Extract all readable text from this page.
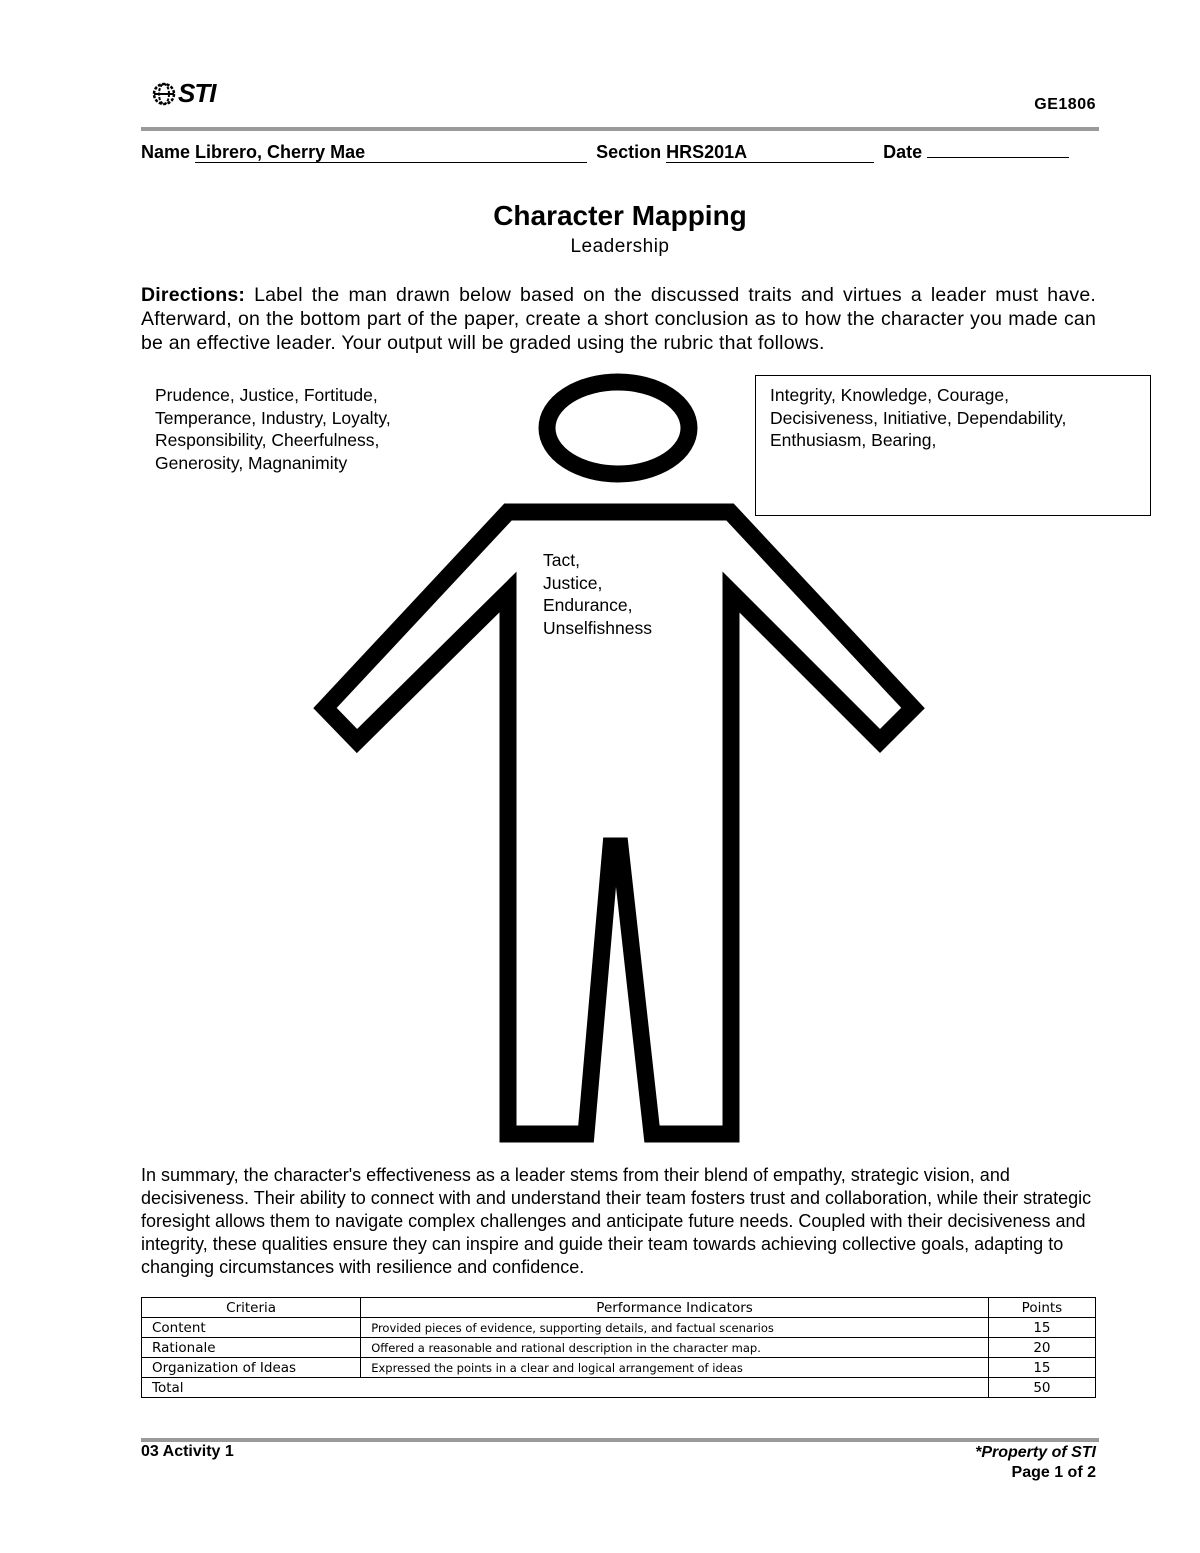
STI	GE1806
Name Librero, Cherry Mae	Section HRS201A	Date
Character Mapping
Leadership
Directions: Label the man drawn below based on the discussed traits and virtues a leader must have. Afterward, on the bottom part of the paper, create a short conclusion as to how the character you made can be an effective leader. Your output will be graded using the rubric that follows.
Prudence, Justice, Fortitude,
Temperance, Industry, Loyalty,
Responsibility, Cheerfulness,
Generosity, Magnanimity
Integrity, Knowledge, Courage,
Decisiveness, Initiative, Dependability,
Enthusiasm, Bearing,
Tact,
Justice,
Endurance,
Unselfishness
In summary, the character's effectiveness as a leader stems from their blend of empathy, strategic vision, and decisiveness. Their ability to connect with and understand their team fosters trust and collaboration, while their strategic foresight allows them to navigate complex challenges and anticipate future needs. Coupled with their decisiveness and integrity, these qualities ensure they can inspire and guide their team towards achieving collective goals, adapting to changing circumstances with resilience and confidence.
Criteria	Performance Indicators	Points
Content	Provided pieces of evidence, supporting details, and factual scenarios	15
Rationale	Offered a reasonable and rational description in the character map.	20
Organization of Ideas	Expressed the points in a clear and logical arrangement of ideas	15
Total		50
03 Activity 1	*Property of STI
Page 1 of 2
